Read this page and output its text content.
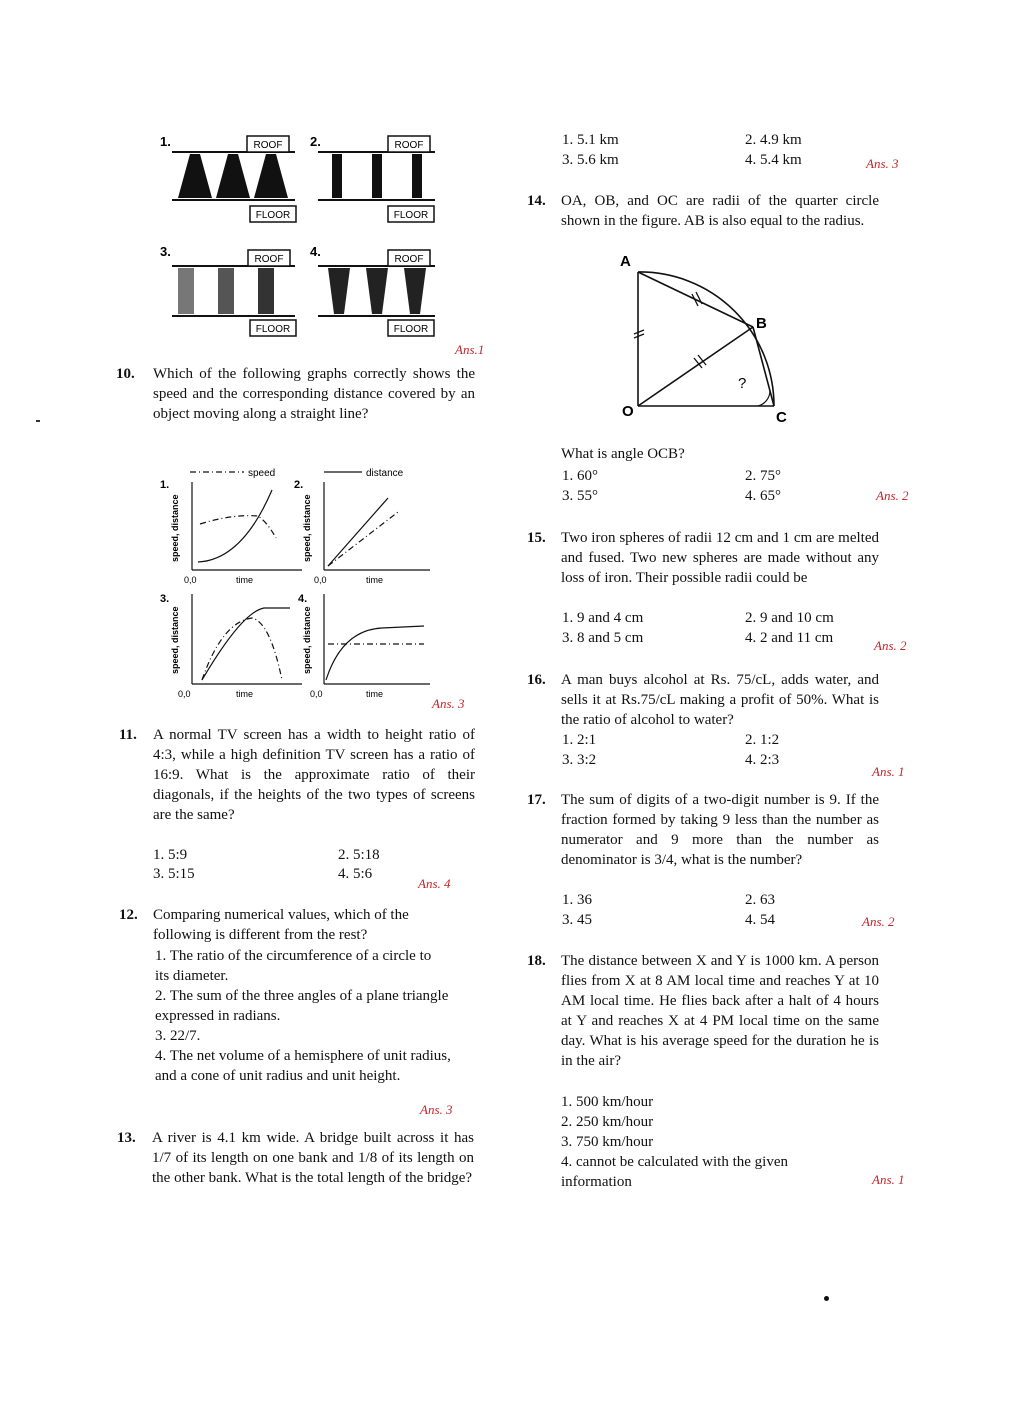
1.	ROOF
FLOOR
2.	ROOF
FLOOR
3.
ROOF
FLOOR
4.
ROOF
FLOOR
Ans.1
10. Which of the following graphs correctly shows the speed and the corresponding distance covered by an object moving along a straight line?
speed	distance
1.
speed, distance
0,0	time
2.
speed, distance
0,0	time
3.
speed, distance
0,0	time
4.
speed, distance
0,0	time
Ans. 3
11. A normal TV screen has a width to height ratio of 4:3, while a high definition TV screen has a ratio of 16:9. What is the approximate ratio of their diagonals, if the heights of the two types of screens are the same?
1. 5:9	2. 5:18
3. 5:15	4. 5:6
Ans. 4
12. Comparing numerical values, which of the following is different from the rest?
1. The ratio of the circumference of a circle to its diameter.
2. The sum of the three angles of a plane triangle expressed in radians.
3. 22/7.
4. The net volume of a hemisphere of unit radius, and a cone of unit radius and unit height.
Ans. 3
13. A river is 4.1 km wide. A bridge built across it has 1/7 of its length on one bank and 1/8 of its length on the other bank. What is the total length of the bridge?
1. 5.1 km	2. 4.9 km
3. 5.6 km	4. 5.4 km	Ans. 3
14. OA, OB, and OC are radii of the quarter circle shown in the figure. AB is also equal to the radius.
A
B
O	C
?
What is angle OCB?
1. 60°	2. 75°
3. 55°	4. 65°	Ans. 2
15. Two iron spheres of radii 12 cm and 1 cm are melted and fused. Two new spheres are made without any loss of iron. Their possible radii could be
1. 9 and 4 cm	2. 9 and 10 cm
3. 8 and 5 cm	4. 2 and 11 cm	Ans. 2
16. A man buys alcohol at Rs. 75/cL, adds water, and sells it at Rs.75/cL making a profit of 50%. What is the ratio of alcohol to water?
1. 2:1	2. 1:2
3. 3:2	4. 2:3
Ans. 1
17. The sum of digits of a two-digit number is 9. If the fraction formed by taking 9 less than the number as numerator and 9 more than the number as denominator is 3/4, what is the number?
1. 36	2. 63
3. 45	4. 54	Ans. 2
18. The distance between X and Y is 1000 km. A person flies from X at 8 AM local time and reaches Y at 10 AM local time. He flies back after a halt of 4 hours at Y and reaches X at 4 PM local time on the same day. What is his average speed for the duration he is in the air?
1. 500 km/hour
2. 250 km/hour
3. 750 km/hour
4. cannot be calculated with the given information	Ans. 1
